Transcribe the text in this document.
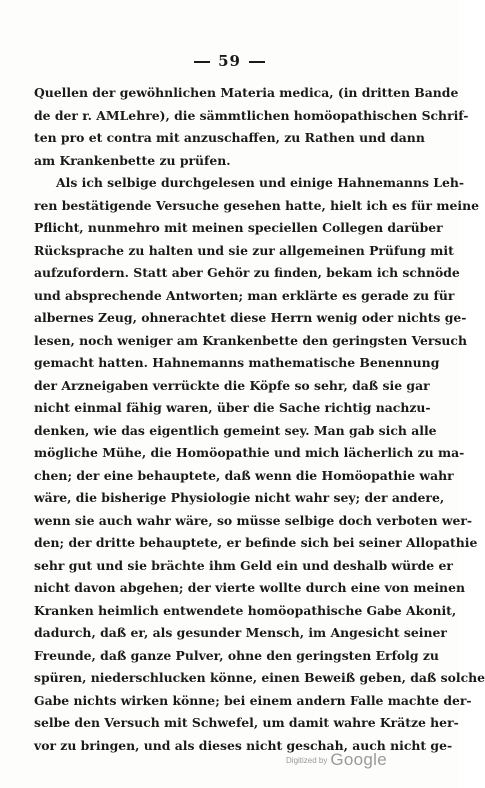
59
Quellen der gewöhnlichen Materia medica, (in dritten Bande
de der r. AMLehre), die sämmtlichen homöopathischen Schrif-
ten pro et contra mit anzuschaffen, zu Rathen und dann
am Krankenbette zu prüfen.
Als ich selbige durchgelesen und einige Hahnemanns Leh-
ren bestätigende Versuche gesehen hatte, hielt ich es für meine
Pflicht, nunmehro mit meinen speciellen Collegen darüber
Rücksprache zu halten und sie zur allgemeinen Prüfung mit
aufzufordern. Statt aber Gehör zu finden, bekam ich schnöde
und absprechende Antworten; man erklärte es gerade zu für
albernes Zeug, ohnerachtet diese Herrn wenig oder nichts ge-
lesen, noch weniger am Krankenbette den geringsten Versuch
gemacht hatten. Hahnemanns mathematische Benennung
der Arzneigaben verrückte die Köpfe so sehr, daß sie gar
nicht einmal fähig waren, über die Sache richtig nachzu-
denken, wie das eigentlich gemeint sey. Man gab sich alle
mögliche Mühe, die Homöopathie und mich lächerlich zu ma-
chen; der eine behauptete, daß wenn die Homöopathie wahr
wäre, die bisherige Physiologie nicht wahr sey; der andere,
wenn sie auch wahr wäre, so müsse selbige doch verboten wer-
den; der dritte behauptete, er befinde sich bei seiner Allopathie
sehr gut und sie brächte ihm Geld ein und deshalb würde er
nicht davon abgehen; der vierte wollte durch eine von meinen
Kranken heimlich entwendete homöopathische Gabe Akonit,
dadurch, daß er, als gesunder Mensch, im Angesicht seiner
Freunde, daß ganze Pulver, ohne den geringsten Erfolg zu
spüren, niederschlucken könne, einen Beweiß geben, daß solche
Gabe nichts wirken könne; bei einem andern Falle machte der-
selbe den Versuch mit Schwefel, um damit wahre Krätze her-
vor zu bringen, und als dieses nicht geschah, auch nicht ge-
Digitized by Google
